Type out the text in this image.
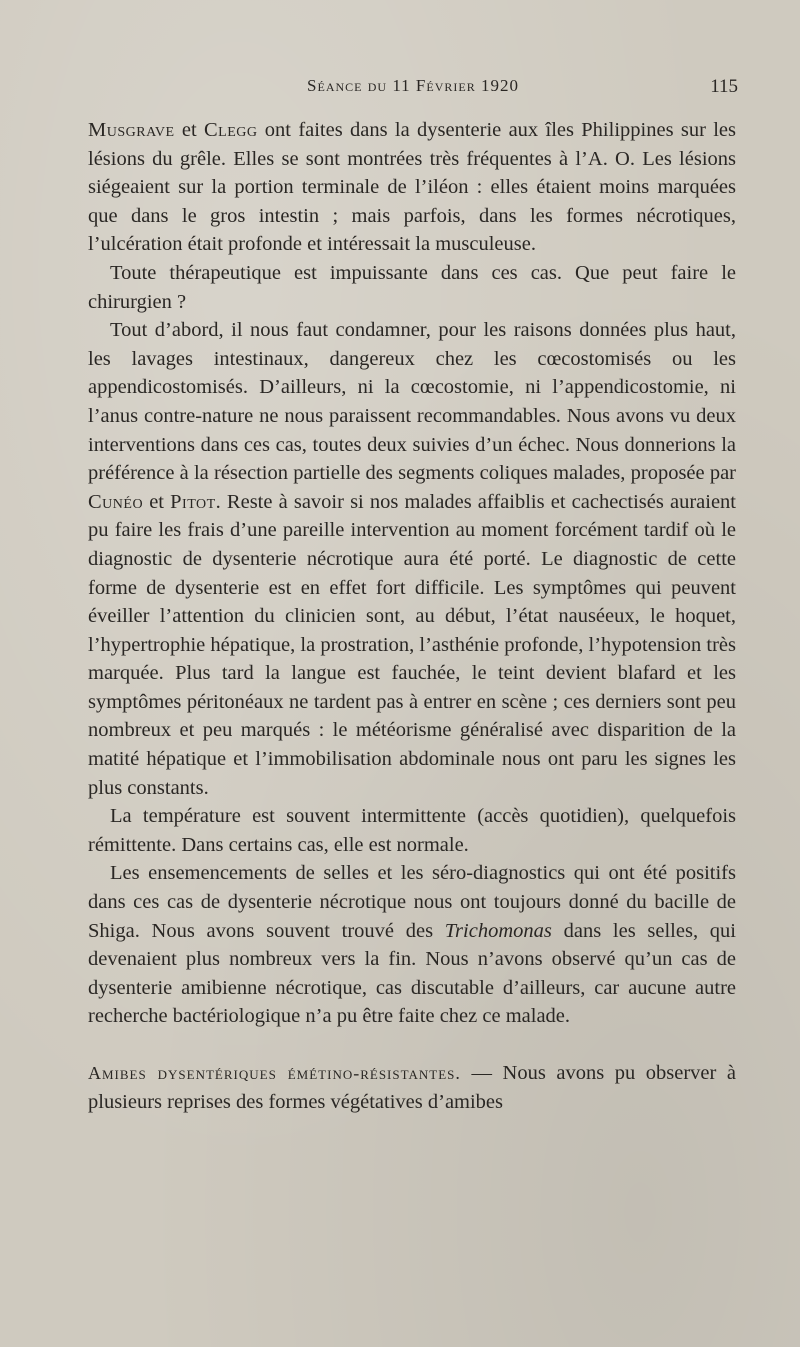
Séance du 11 Février 1920	115

Musgrave et Clegg ont faites dans la dysenterie aux îles Philippines sur les lésions du grêle. Elles se sont montrées très fréquentes à l’A. O. Les lésions siégeaient sur la portion terminale de l’iléon : elles étaient moins marquées que dans le gros intestin ; mais parfois, dans les formes nécrotiques, l’ulcération était profonde et intéressait la musculeuse.

Toute thérapeutique est impuissante dans ces cas. Que peut faire le chirurgien ?

Tout d’abord, il nous faut condamner, pour les raisons données plus haut, les lavages intestinaux, dangereux chez les cœcostomisés ou les appendicostomisés. D’ailleurs, ni la cœcostomie, ni l’appendicostomie, ni l’anus contre-nature ne nous paraissent recommandables. Nous avons vu deux interventions dans ces cas, toutes deux suivies d’un échec. Nous donnerions la préférence à la résection partielle des segments coliques malades, proposée par Cunéo et Pitot. Reste à savoir si nos malades affaiblis et cachectisés auraient pu faire les frais d’une pareille intervention au moment forcément tardif où le diagnostic de dysenterie nécrotique aura été porté. Le diagnostic de cette forme de dysenterie est en effet fort difficile. Les symptômes qui peuvent éveiller l’attention du clinicien sont, au début, l’état nauséeux, le hoquet, l’hypertrophie hépatique, la prostration, l’asthénie profonde, l’hypotension très marquée. Plus tard la langue est fauchée, le teint devient blafard et les symptômes péritonéaux ne tardent pas à entrer en scène ; ces derniers sont peu nombreux et peu marqués : le météorisme généralisé avec disparition de la matité hépatique et l’immobilisation abdominale nous ont paru les signes les plus constants.

La température est souvent intermittente (accès quotidien), quelquefois rémittente. Dans certains cas, elle est normale.

Les ensemencements de selles et les séro-diagnostics qui ont été positifs dans ces cas de dysenterie nécrotique nous ont toujours donné du bacille de Shiga. Nous avons souvent trouvé des Trichomonas dans les selles, qui devenaient plus nombreux vers la fin. Nous n’avons observé qu’un cas de dysenterie amibienne nécrotique, cas discutable d’ailleurs, car aucune autre recherche bactériologique n’a pu être faite chez ce malade.

Amibes dysentériques émétino-résistantes. — Nous avons pu observer à plusieurs reprises des formes végétatives d’amibes
